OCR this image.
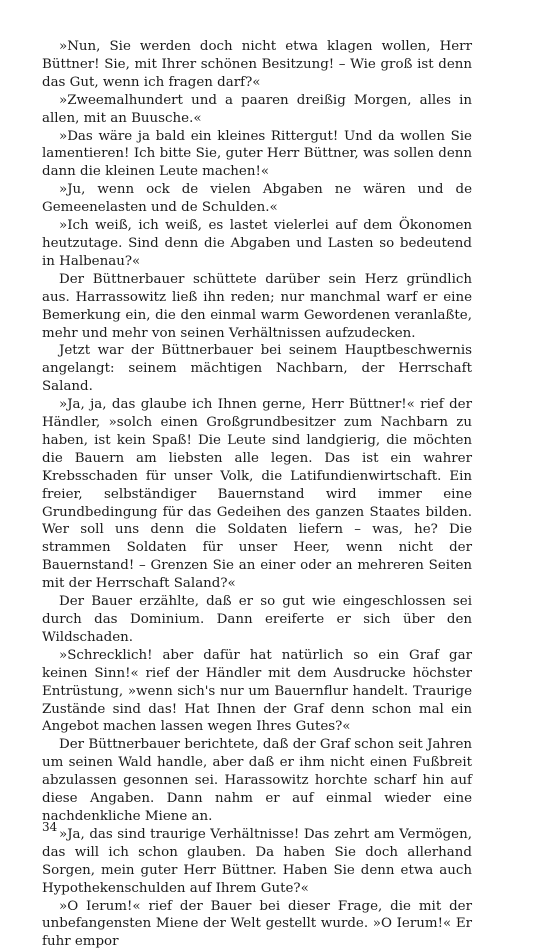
»Nun, Sie werden doch nicht etwa klagen wollen, Herr Büttner! Sie, mit Ihrer schönen Besitzung! – Wie groß ist denn das Gut, wenn ich fragen darf?«

»Zweemalhundert und a paaren dreißig Morgen, alles in allen, mit an Buusche.«

»Das wäre ja bald ein kleines Rittergut! Und da wollen Sie lamentieren! Ich bitte Sie, guter Herr Büttner, was sollen denn dann die kleinen Leute machen!«

»Ju, wenn ock de vielen Abgaben ne wären und de Gemeenelasten und de Schulden.«

»Ich weiß, ich weiß, es lastet vielerlei auf dem Ökonomen heutzutage. Sind denn die Abgaben und Lasten so bedeutend in Halbenau?«

Der Büttnerbauer schüttete darüber sein Herz gründlich aus. Harrassowitz ließ ihn reden; nur manchmal warf er eine Bemerkung ein, die den einmal warm Gewordenen veranlaßte, mehr und mehr von seinen Verhältnissen aufzudecken.

Jetzt war der Büttnerbauer bei seinem Hauptbeschwernis angelangt: seinem mächtigen Nachbarn, der Herrschaft Saland.

»Ja, ja, das glaube ich Ihnen gerne, Herr Büttner!« rief der Händler, »solch einen Großgrundbesitzer zum Nachbarn zu haben, ist kein Spaß! Die Leute sind landgierig, die möchten die Bauern am liebsten alle legen. Das ist ein wahrer Krebsschaden für unser Volk, die Latifundienwirtschaft. Ein freier, selbständiger Bauernstand wird immer eine Grundbedingung für das Gedeihen des ganzen Staates bilden. Wer soll uns denn die Soldaten liefern – was, he? Die strammen Soldaten für unser Heer, wenn nicht der Bauernstand! – Grenzen Sie an einer oder an mehreren Seiten mit der Herrschaft Saland?«

Der Bauer erzählte, daß er so gut wie eingeschlossen sei durch das Dominium. Dann ereiferte er sich über den Wildschaden.

»Schrecklich! aber dafür hat natürlich so ein Graf gar keinen Sinn!« rief der Händler mit dem Ausdrucke höchster Entrüstung, »wenn sich's nur um Bauernflur handelt. Traurige Zustände sind das! Hat Ihnen der Graf denn schon mal ein Angebot machen lassen wegen Ihres Gutes?«

Der Büttnerbauer berichtete, daß der Graf schon seit Jahren um seinen Wald handle, aber daß er ihm nicht einen Fußbreit abzulassen gesonnen sei. Harassowitz horchte scharf hin auf diese Angaben. Dann nahm er auf einmal wieder eine nachdenkliche Miene an.

»Ja, das sind traurige Verhältnisse! Das zehrt am Vermögen, das will ich schon glauben. Da haben Sie doch allerhand Sorgen, mein guter Herr Büttner. Haben Sie denn etwa auch Hypothekenschulden auf Ihrem Gute?«

»O Ierum!« rief der Bauer bei dieser Frage, die mit der unbefangensten Miene der Welt gestellt wurde. »O Ierum!« Er fuhr empor

34
